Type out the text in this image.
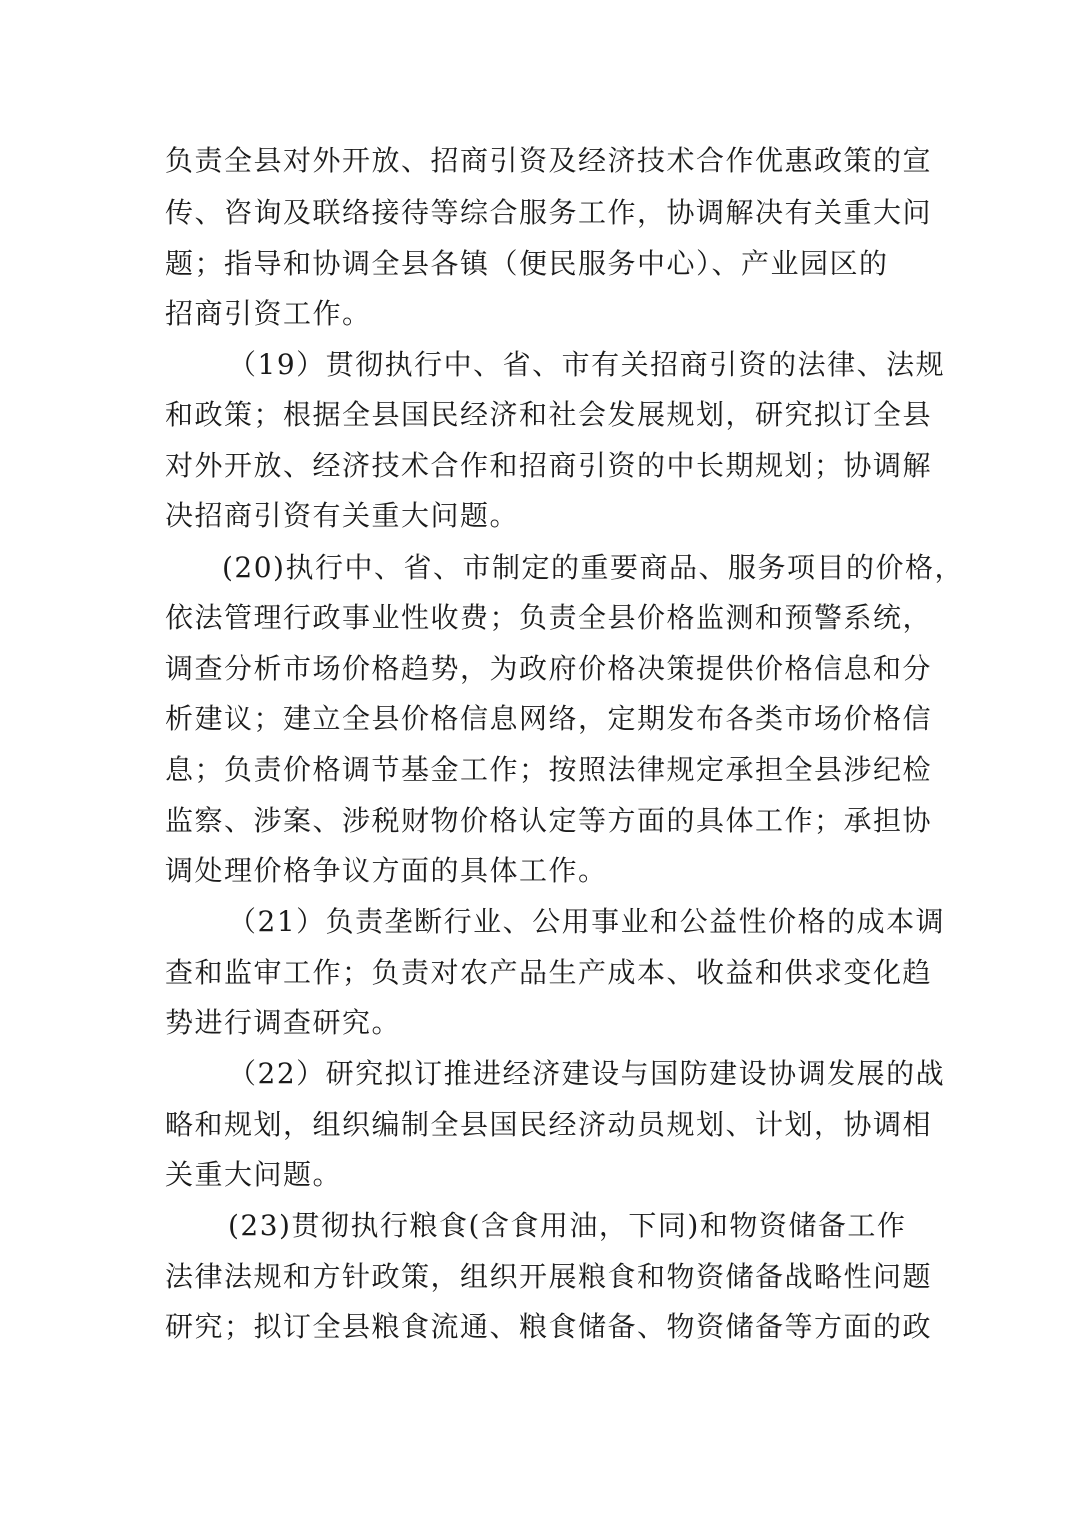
负责全县对外开放、招商引资及经济技术合作优惠政策的宣
传、咨询及联络接待等综合服务工作，协调解决有关重大问
题；指导和协调全县各镇（便民服务中心）、产业园区的
招商引资工作。
（19）贯彻执行中、省、市有关招商引资的法律、法规
和政策；根据全县国民经济和社会发展规划，研究拟订全县
对外开放、经济技术合作和招商引资的中长期规划；协调解
决招商引资有关重大问题。
(20)执行中、省、市制定的重要商品、服务项目的价格，
依法管理行政事业性收费；负责全县价格监测和预警系统，
调查分析市场价格趋势，为政府价格决策提供价格信息和分
析建议；建立全县价格信息网络，定期发布各类市场价格信
息；负责价格调节基金工作；按照法律规定承担全县涉纪检
监察、涉案、涉税财物价格认定等方面的具体工作；承担协
调处理价格争议方面的具体工作。
（21）负责垄断行业、公用事业和公益性价格的成本调
查和监审工作；负责对农产品生产成本、收益和供求变化趋
势进行调查研究。
（22）研究拟订推进经济建设与国防建设协调发展的战
略和规划，组织编制全县国民经济动员规划、计划，协调相
关重大问题。
(23)贯彻执行粮食(含食用油，下同)和物资储备工作
法律法规和方针政策，组织开展粮食和物资储备战略性问题
研究；拟订全县粮食流通、粮食储备、物资储备等方面的政
